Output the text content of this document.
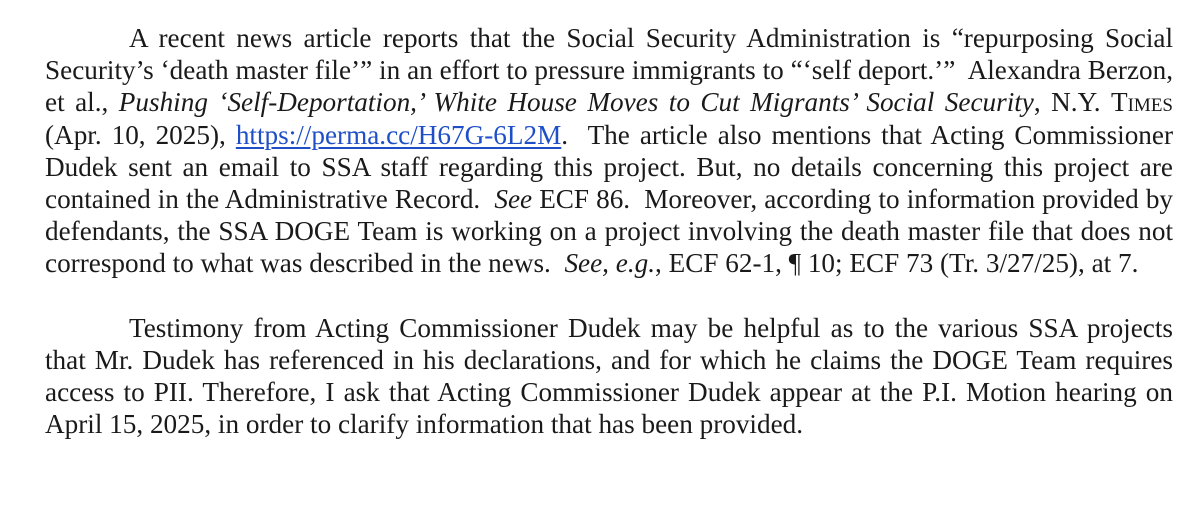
A recent news article reports that the Social Security Administration is “repurposing Social Security’s ‘death master file’” in an effort to pressure immigrants to “‘self deport.’” Alexandra Berzon, et al., Pushing ‘Self-Deportation,’ White House Moves to Cut Migrants’ Social Security, N.Y. Times (Apr. 10, 2025), https://perma.cc/H67G-6L2M. The article also mentions that Acting Commissioner Dudek sent an email to SSA staff regarding this project. But, no details concerning this project are contained in the Administrative Record. See ECF 86. Moreover, according to information provided by defendants, the SSA DOGE Team is working on a project involving the death master file that does not correspond to what was described in the news. See, e.g., ECF 62-1, ¶ 10; ECF 73 (Tr. 3/27/25), at 7.

Testimony from Acting Commissioner Dudek may be helpful as to the various SSA projects that Mr. Dudek has referenced in his declarations, and for which he claims the DOGE Team requires access to PII. Therefore, I ask that Acting Commissioner Dudek appear at the P.I. Motion hearing on April 15, 2025, in order to clarify information that has been provided.
